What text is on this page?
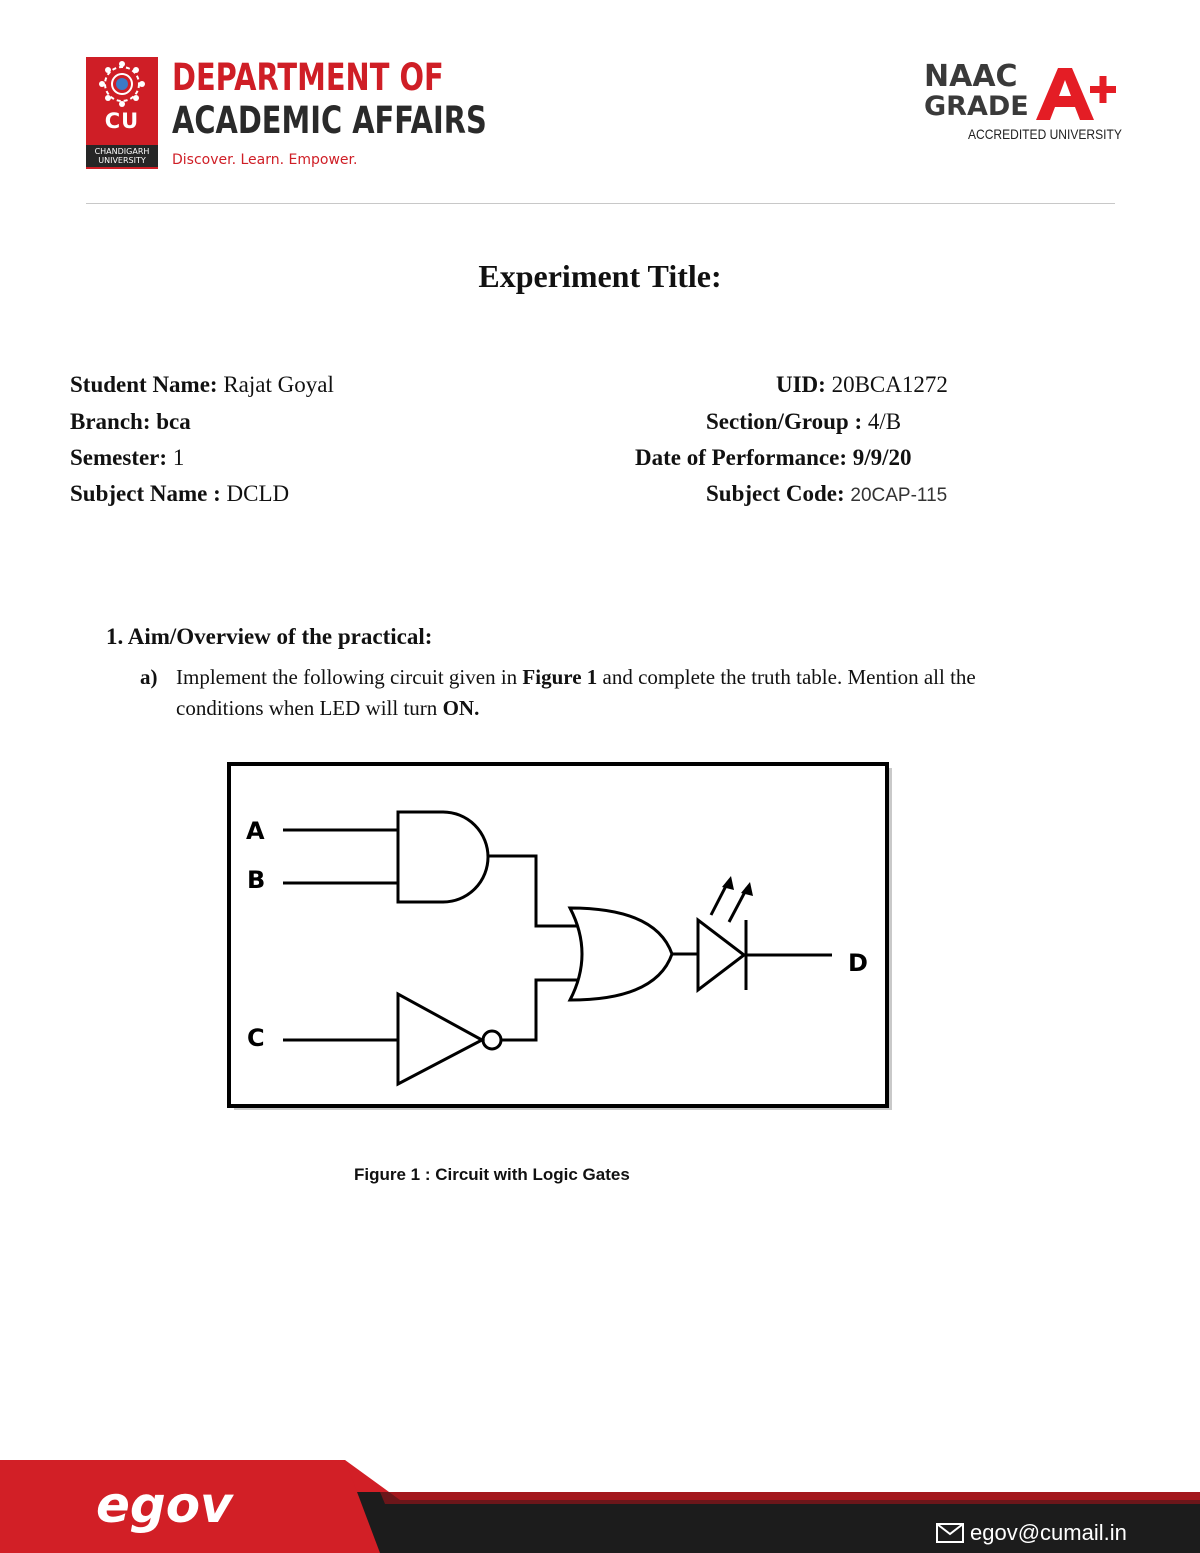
CU
CHANDIGARH
UNIVERSITY
DEPARTMENT OF
ACADEMIC AFFAIRS
Discover. Learn. Empower.
NAAC
GRADE
ACCREDITED UNIVERSITY
Experiment Title:
Student Name: Rajat Goyal	UID: 20BCA1272
Branch: bca	Section/Group : 4/B
Semester: 1	Date of Performance: 9/9/20
Subject Name : DCLD	Subject Code: 20CAP-115
1. Aim/Overview of the practical:
a) Implement the following circuit given in Figure 1 and complete the truth table. Mention all the
conditions when LED will turn ON.
A
B
C
D
Figure 1 : Circuit with Logic Gates
egov	egov@cumail.in
